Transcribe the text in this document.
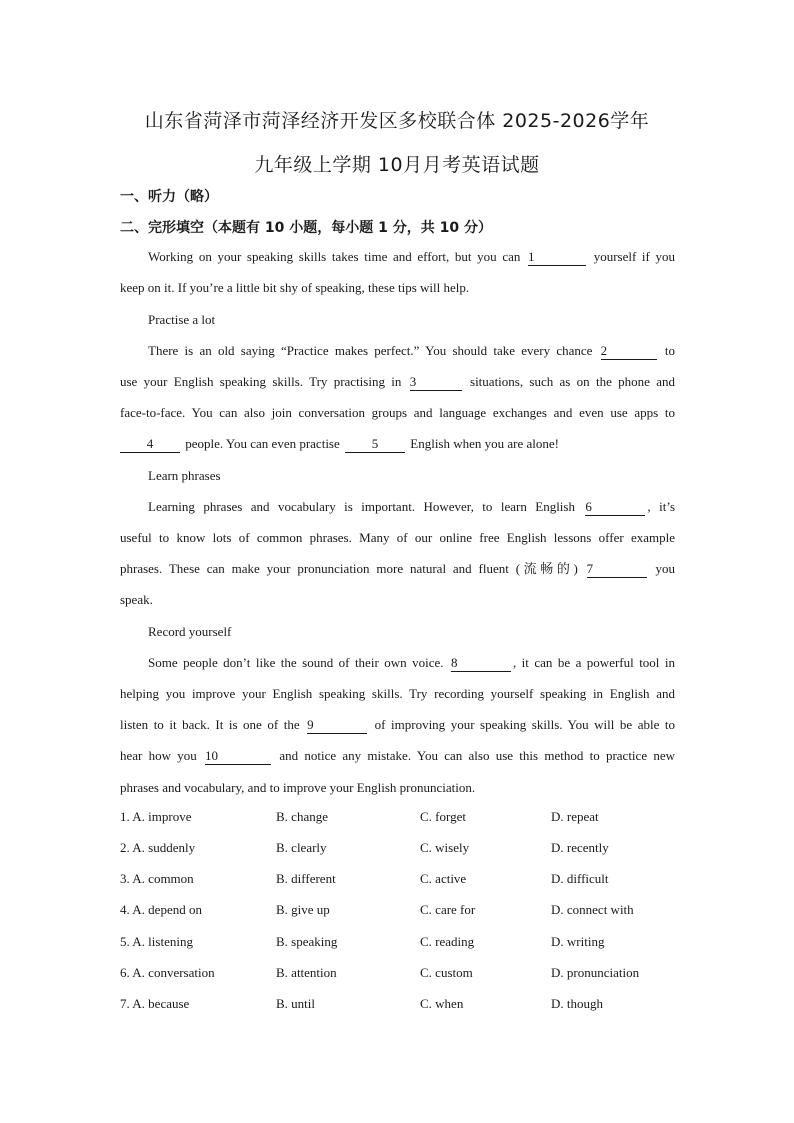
山东省菏泽市菏泽经济开发区多校联合体 2025-2026学年
九年级上学期 10月月考英语试题
一、听力（略）
二、完形填空（本题有 10 小题，每小题 1 分，共 10 分）
Working on your speaking skills takes time and effort, but you can 1	yourself if you
keep on it. If you’re a little bit shy of speaking, these tips will help.
Practise a lot
There is an old saying “Practice makes perfect.” You should take every chance 2	to
use your English speaking skills. Try practising in 3	situations, such as on the phone and
face-to-face. You can also join conversation groups and language exchanges and even use apps to
4 people. You can even practise 5 English when you are alone!
Learn phrases
Learning phrases and vocabulary is important. However, to learn English 6	, it’s
useful to know lots of common phrases. Many of our online free English lessons offer example
phrases. These can make your pronunciation more natural and fluent (流畅的) 7	you
speak.
Record yourself
Some people don’t like the sound of their own voice. 8	, it can be a powerful tool in
helping you improve your English speaking skills. Try recording yourself speaking in English and
listen to it back. It is one of the 9	of improving your speaking skills. You will be able to
hear how you 10	and notice any mistake. You can also use this method to practice new
phrases and vocabulary, and to improve your English pronunciation.
1. A. improve	B. change	C. forget	D. repeat
2. A. suddenly	B. clearly	C. wisely	D. recently
3. A. common	B. different	C. active	D. difficult
4. A. depend on	B. give up	C. care for	D. connect with
5. A. listening	B. speaking	C. reading	D. writing
6. A. conversation	B. attention	C. custom	D. pronunciation
7. A. because	B. until	C. when	D. though
